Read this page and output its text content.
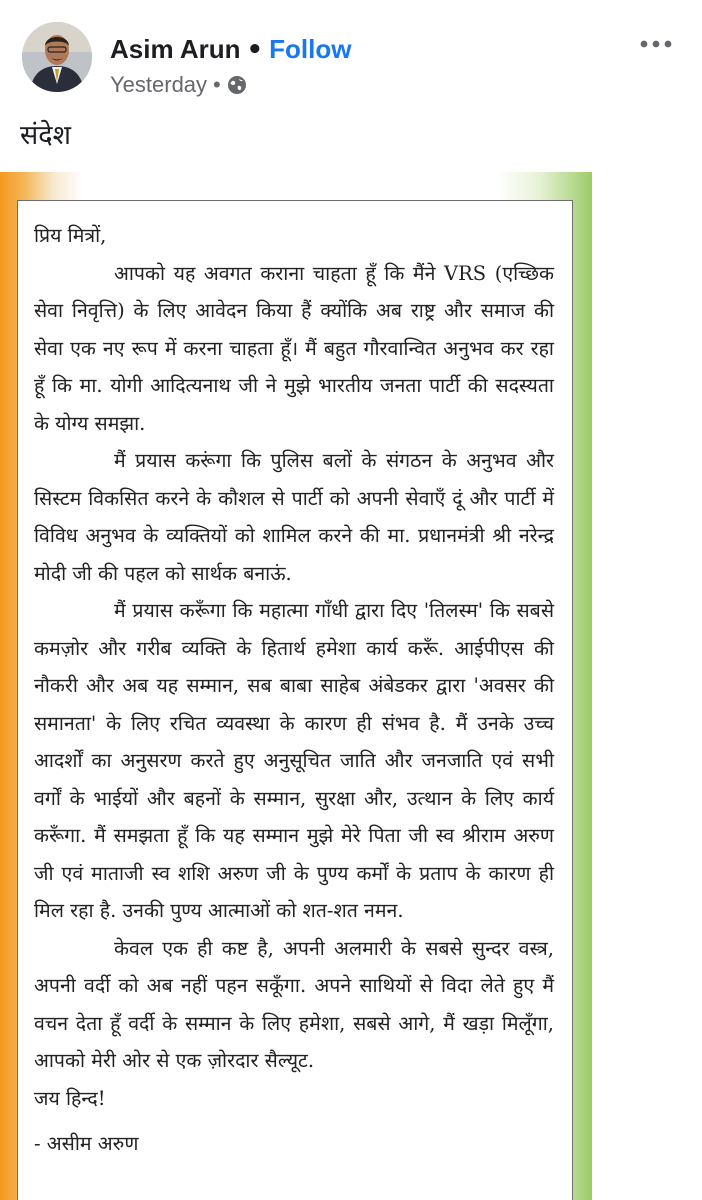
Asim Arun • Follow
Yesterday •
संदेश

प्रिय मित्रों,

आपको यह अवगत कराना चाहता हूँ कि मैंने VRS (एच्छिक सेवा निवृत्ति) के लिए आवेदन किया हैं क्योंकि अब राष्ट्र और समाज की सेवा एक नए रूप में करना चाहता हूँ। मैं बहुत गौरवान्वित अनुभव कर रहा हूँ कि मा. योगी आदित्यनाथ जी ने मुझे भारतीय जनता पार्टी की सदस्यता के योग्य समझा.

मैं प्रयास करूंगा कि पुलिस बलों के संगठन के अनुभव और सिस्टम विकसित करने के कौशल से पार्टी को अपनी सेवाएँ दूं और पार्टी में विविध अनुभव के व्यक्तियों को शामिल करने की मा. प्रधानमंत्री श्री नरेन्द्र मोदी जी की पहल को सार्थक बनाऊं.

मैं प्रयास करूँगा कि महात्मा गाँधी द्वारा दिए 'तिलस्म' कि सबसे कमज़ोर और गरीब व्यक्ति के हितार्थ हमेशा कार्य करूँ. आईपीएस की नौकरी और अब यह सम्मान, सब बाबा साहेब अंबेडकर द्वारा 'अवसर की समानता' के लिए रचित व्यवस्था के कारण ही संभव है. मैं उनके उच्च आदर्शों का अनुसरण करते हुए अनुसूचित जाति और जनजाति एवं सभी वर्गों के भाईयों और बहनों के सम्मान, सुरक्षा और, उत्थान के लिए कार्य करूँगा. मैं समझता हूँ कि यह सम्मान मुझे मेरे पिता जी स्व श्रीराम अरुण जी एवं माताजी स्व शशि अरुण जी के पुण्य कर्मों के प्रताप के कारण ही मिल रहा है. उनकी पुण्य आत्माओं को शत-शत नमन.

केवल एक ही कष्ट है, अपनी अलमारी के सबसे सुन्दर वस्त्र, अपनी वर्दी को अब नहीं पहन सकूँगा. अपने साथियों से विदा लेते हुए मैं वचन देता हूँ वर्दी के सम्मान के लिए हमेशा, सबसे आगे, मैं खड़ा मिलूँगा, आपको मेरी ओर से एक ज़ोरदार सैल्यूट.

जय हिन्द!

- असीम अरुण
